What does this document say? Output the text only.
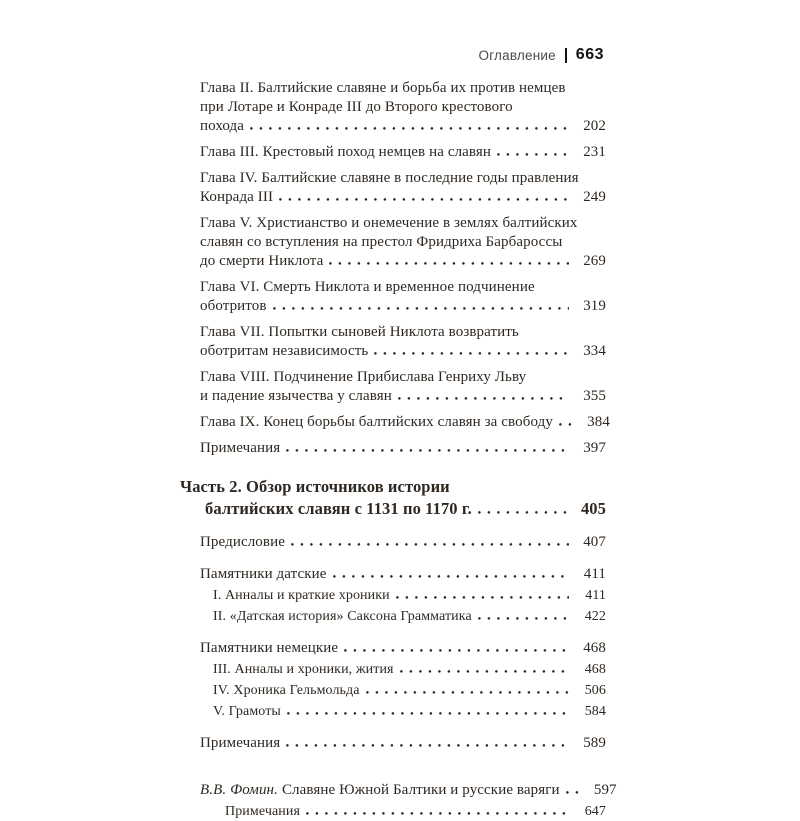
Оглавление 663
Глава II. Балтийские славяне и борьба их против немцев
при Лотаре и Конраде III до Второго крестового
похода	202
Глава III. Крестовый поход немцев на славян	231
Глава IV. Балтийские славяне в последние годы правления
Конрада III	249
Глава V. Христианство и онемечение в землях балтийских
славян со вступления на престол Фридриха Барбароссы
до смерти Никлота	269
Глава VI. Смерть Никлота и временное подчинение
оботритов	319
Глава VII. Попытки сыновей Никлота возвратить
оботритам независимость	334
Глава VIII. Подчинение Прибислава Генриху Льву
и падение язычества у славян	355
Глава IX. Конец борьбы балтийских славян за свободу	384
Примечания	397
Часть 2. Обзор источников истории
балтийских славян с 1131 по 1170 г.	405
Предисловие	407
Памятники датские	411
I. Анналы и краткие хроники	411
II. «Датская история» Саксона Грамматика	422
Памятники немецкие	468
III. Анналы и хроники, жития	468
IV. Хроника Гельмольда	506
V. Грамоты	584
Примечания	589
В.В. Фомин. Славяне Южной Балтики и русские варяги	597
Примечания	647
